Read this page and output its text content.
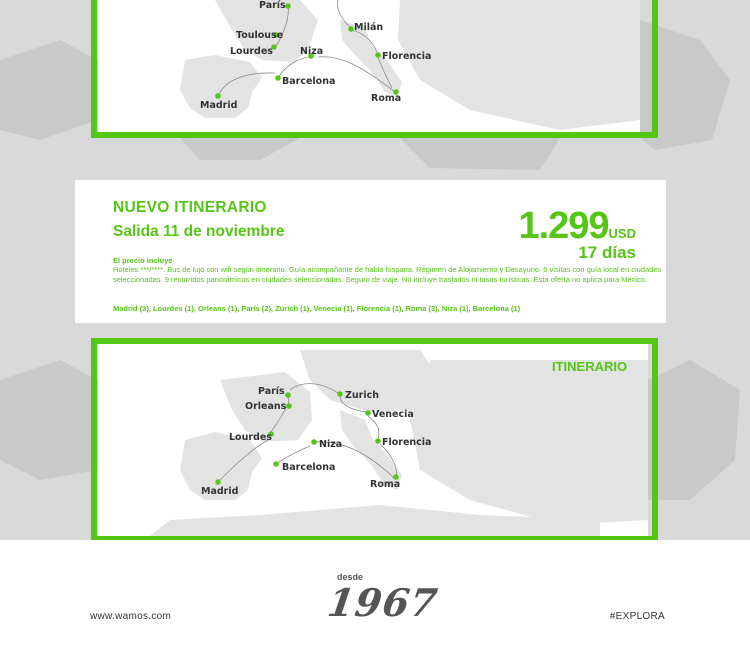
París
Toulouse
Lourdes
Madrid
Barcelona
Niza
Milán
Florencia
Roma
NUEVO ITINERARIO
Salida 11 de noviembre	1.299USD
17 días
El precio incluye
Hoteles ***/****. Bus de lujo con wifi según itinerario. Guía acompañante de habla hispana. Régimen de Alojamiento y Desayuno. 6 visitas con guía local en ciudades seleccionadas. 9 recorridos panorámicos en ciudades seleccionadas. Seguro de viaje. No incluye traslados ni tasas turísticas. Esta oferta no aplica para México.
Madrid (3), Lourdes (1), Orleans (1), París (2), Zurich (1), Venecia (1), Florencia (1), Roma (3), Niza (1), Barcelona (1)
ITINERARIO
París
Orleans
Lourdes
Madrid
Barcelona
Niza
Zurich
Venecia
Florencia
Roma
www.wamos.com
desde
1967	#EXPLORA
